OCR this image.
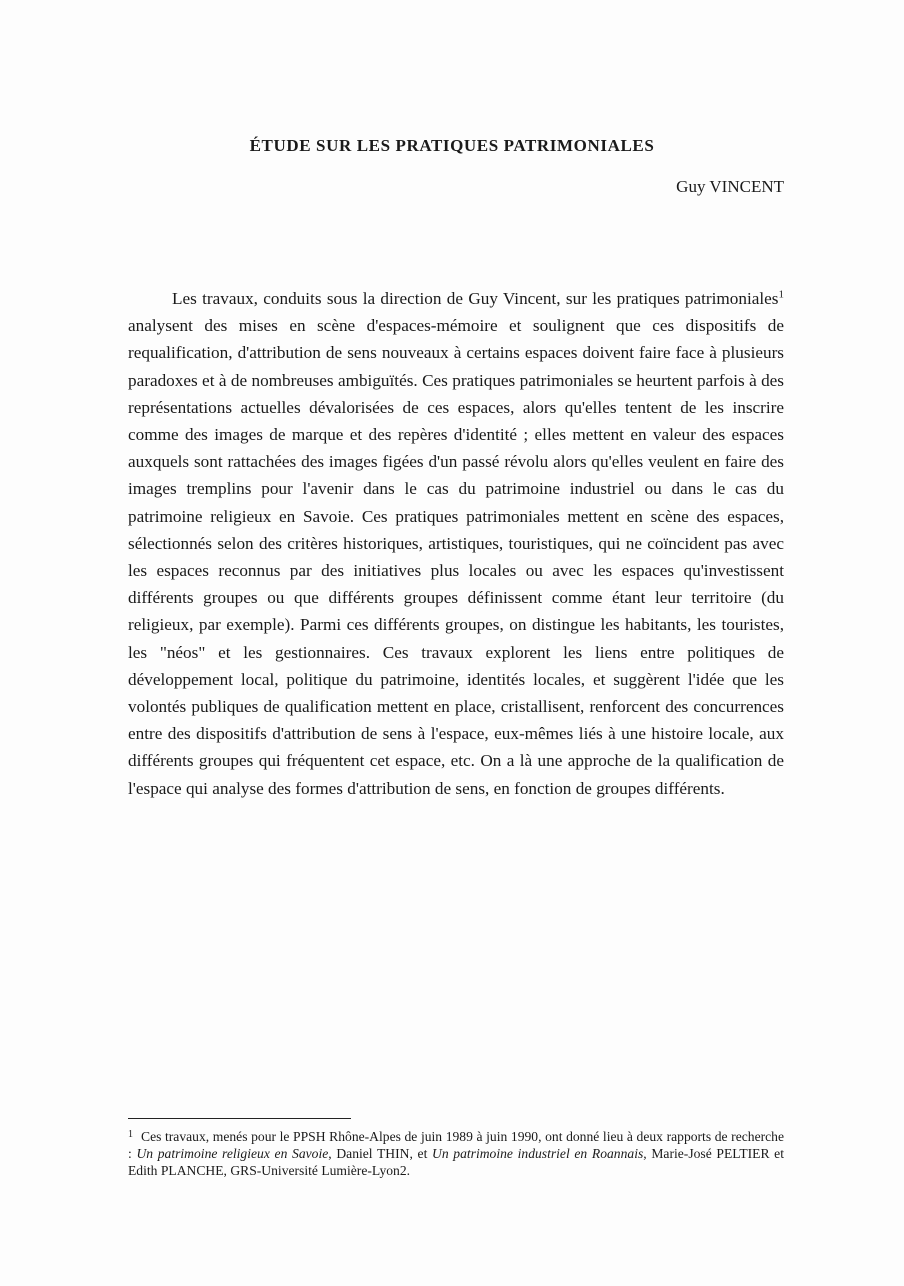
ÉTUDE SUR LES PRATIQUES PATRIMONIALES

Guy VINCENT

Les travaux, conduits sous la direction de Guy Vincent, sur les pratiques patrimoniales$^1$ analysent des mises en scène d'espaces-mémoire et soulignent que ces dispositifs de requalification, d'attribution de sens nouveaux à certains espaces doivent faire face à plusieurs paradoxes et à de nombreuses ambiguïtés. Ces pratiques patrimoniales se heurtent parfois à des représentations actuelles dévalorisées de ces espaces, alors qu'elles tentent de les inscrire comme des images de marque et des repères d'identité ; elles mettent en valeur des espaces auxquels sont rattachées des images figées d'un passé révolu alors qu'elles veulent en faire des images tremplins pour l'avenir dans le cas du patrimoine industriel ou dans le cas du patrimoine religieux en Savoie. Ces pratiques patrimoniales mettent en scène des espaces, sélectionnés selon des critères historiques, artistiques, touristiques, qui ne coïncident pas avec les espaces reconnus par des initiatives plus locales ou avec les espaces qu'investissent différents groupes ou que différents groupes définissent comme étant leur territoire (du religieux, par exemple). Parmi ces différents groupes, on distingue les habitants, les touristes, les "néos" et les gestionnaires. Ces travaux explorent les liens entre politiques de développement local, politique du patrimoine, identités locales, et suggèrent l'idée que les volontés publiques de qualification mettent en place, cristallisent, renforcent des concurrences entre des dispositifs d'attribution de sens à l'espace, eux-mêmes liés à une histoire locale, aux différents groupes qui fréquentent cet espace, etc. On a là une approche de la qualification de l'espace qui analyse des formes d'attribution de sens, en fonction de groupes différents.

1 Ces travaux, menés pour le PPSH Rhône-Alpes de juin 1989 à juin 1990, ont donné lieu à deux rapports de recherche : Un patrimoine religieux en Savoie, Daniel THIN, et Un patrimoine industriel en Roannais, Marie-José PELTIER et Edith PLANCHE, GRS-Université Lumière-Lyon2.
